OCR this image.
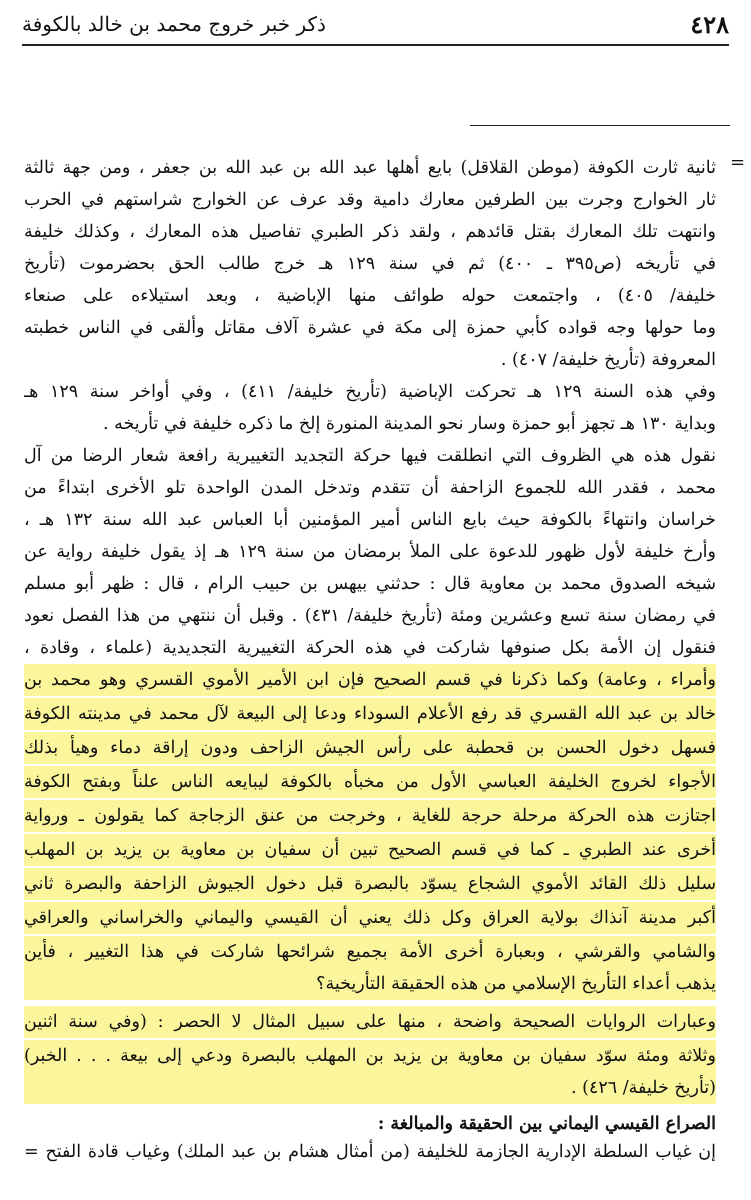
٤٢٨
ذكر خبر خروج محمد بن خالد بالكوفة
=
ثانية ثارت الكوفة (موطن القلاقل) بايع أهلها عبد الله بن عبد الله بن جعفر ، ومن جهة ثالثة
ثار الخوارج وجرت بين الطرفين معارك دامية وقد عرف عن الخوارج شراستهم في الحرب
وانتهت تلك المعارك بقتل قائدهم ، ولقد ذكر الطبري تفاصيل هذه المعارك ، وكذلك خليفة
في تأريخه (ص٣٩٥ ـ ٤٠٠) ثم في سنة ١٢٩ هـ خرج طالب الحق بحضرموت (تأريخ
خليفة/ ٤٠٥) ، واجتمعت حوله طوائف منها الإباضية ، وبعد استيلاءه على صنعاء
وما حولها وجه قواده كأبي حمزة إلى مكة في عشرة آلاف مقاتل وألقى في الناس خطبته
المعروفة (تأريخ خليفة/ ٤٠٧) .
وفي هذه السنة ١٢٩ هـ تحركت الإباضية (تأريخ خليفة/ ٤١١) ، وفي أواخر سنة ١٢٩ هـ
وبداية ١٣٠ هـ تجهز أبو حمزة وسار نحو المدينة المنورة إلخ ما ذكره خليفة في تأريخه .
نقول هذه هي الظروف التي انطلقت فيها حركة التجديد التغييرية رافعة شعار الرضا من آل
محمد ، فقدر الله للجموع الزاحفة أن تتقدم وتدخل المدن الواحدة تلو الأخرى ابتداءً من
خراسان وانتهاءً بالكوفة حيث بايع الناس أمير المؤمنين أبا العباس عبد الله سنة ١٣٢ هـ ،
وأرخ خليفة لأول ظهور للدعوة على الملأ برمضان من سنة ١٢٩ هـ إذ يقول خليفة رواية عن
شيخه الصدوق محمد بن معاوية قال : حدثني بيهس بن حبيب الرام ، قال : ظهر أبو مسلم
في رمضان سنة تسع وعشرين ومئة (تأريخ خليفة/ ٤٣١) . وقبل أن ننتهي من هذا الفصل نعود
فنقول إن الأمة بكل صنوفها شاركت في هذه الحركة التغييرية التجديدية (علماء ، وقادة ،
وأمراء ، وعامة) وكما ذكرنا في قسم الصحيح فإن ابن الأمير الأموي القسري وهو محمد بن
خالد بن عبد الله القسري قد رفع الأعلام السوداء ودعا إلى البيعة لآل محمد في مدينته الكوفة
فسهل دخول الحسن بن قحطبة على رأس الجيش الزاحف ودون إراقة دماء وهيأ بذلك
الأجواء لخروج الخليفة العباسي الأول من مخبأه بالكوفة ليبايعه الناس علناً وبفتح الكوفة
اجتازت هذه الحركة مرحلة حرجة للغاية ، وخرجت من عنق الزجاجة كما يقولون ـ ورواية
أخرى عند الطبري ـ كما في قسم الصحيح تبين أن سفيان بن معاوية بن يزيد بن المهلب
سليل ذلك القائد الأموي الشجاع يسوّد بالبصرة قبل دخول الجيوش الزاحفة والبصرة ثاني
أكبر مدينة آنذاك بولاية العراق وكل ذلك يعني أن القيسي واليماني والخراساني والعراقي
والشامي والقرشي ، وبعبارة أخرى الأمة بجميع شرائحها شاركت في هذا التغيير ، فأين
يذهب أعداء التأريخ الإسلامي من هذه الحقيقة التأريخية؟
وعبارات الروايات الصحيحة واضحة ، منها على سبيل المثال لا الحصر : (وفي سنة اثنين
وثلاثة ومئة سوّد سفيان بن معاوية بن يزيد بن المهلب بالبصرة ودعي إلى بيعة . . . الخبر)
(تأريخ خليفة/ ٤٢٦) .
الصراع القيسي اليماني بين الحقيقة والمبالغة :
إن غياب السلطة الإدارية الجازمة للخليفة (من أمثال هشام بن عبد الملك) وغياب قادة الفتح =
